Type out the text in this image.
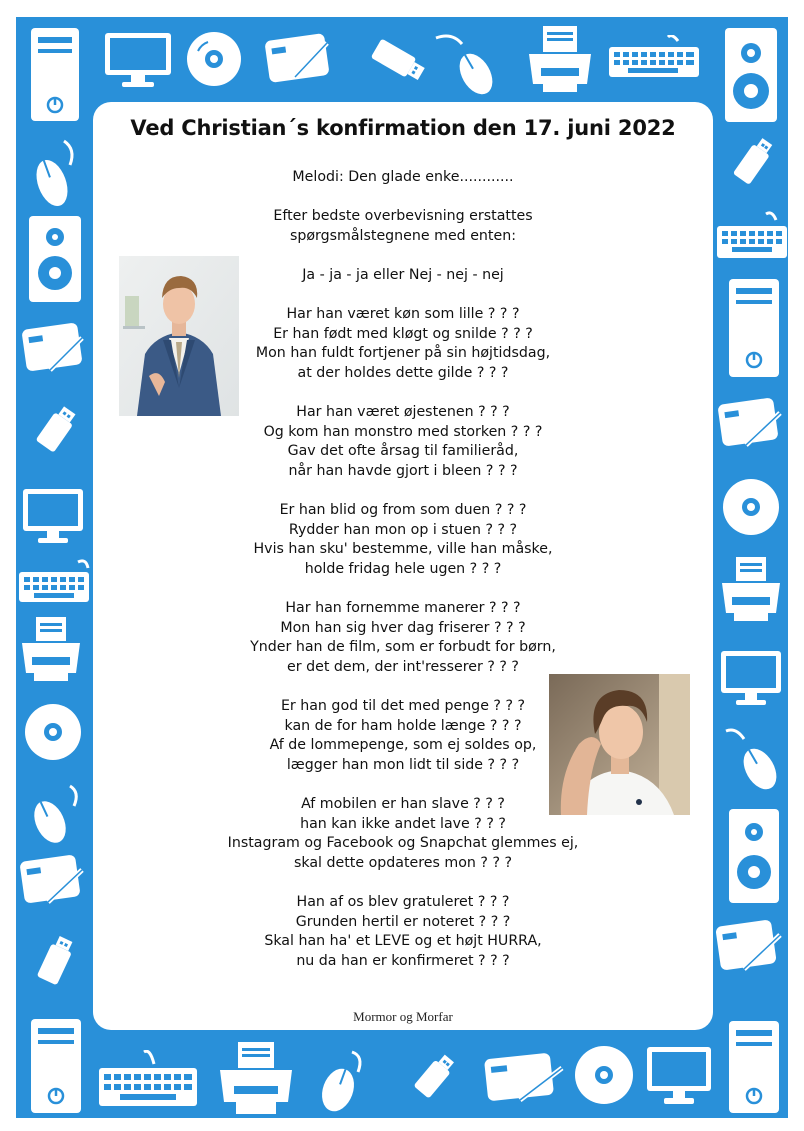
Ved Christian´s konfirmation den 17. juni 2022
Melodi: Den glade enke............
Efter bedste overbevisning erstattes
spørgsmålstegnene med enten:
Ja - ja - ja eller Nej - nej - nej
Har han været køn som lille ? ? ?
Er han født med kløgt og snilde ? ? ?
Mon han fuldt fortjener på sin højtidsdag,
at der holdes dette gilde ? ? ?
Har han været øjestenen ? ? ?
Og kom han monstro med storken ? ? ?
Gav det ofte årsag til familieråd,
når han havde gjort i bleen ? ? ?
Er han blid og from som duen ? ? ?
Rydder han mon op i stuen ? ? ?
Hvis han sku' bestemme, ville han måske,
holde fridag hele ugen ? ? ?
Har han fornemme manerer ? ? ?
Mon han sig hver dag friserer ? ? ?
Ynder han de film, som er forbudt for børn,
er det dem, der int'resserer ? ? ?
Er han god til det med penge ? ? ?
kan de for ham holde længe ? ? ?
Af de lommepenge, som ej soldes op,
lægger han mon lidt til side ? ? ?
Af mobilen er han slave ? ? ?
han kan ikke andet lave ? ? ?
Instagram og Facebook og Snapchat glemmes ej,
skal dette opdateres mon ? ? ?
Han af os blev gratuleret ? ? ?
Grunden hertil er noteret ? ? ?
Skal han ha' et LEVE og et højt HURRA,
nu da han er konfirmeret ? ? ?
Mormor og Morfar
